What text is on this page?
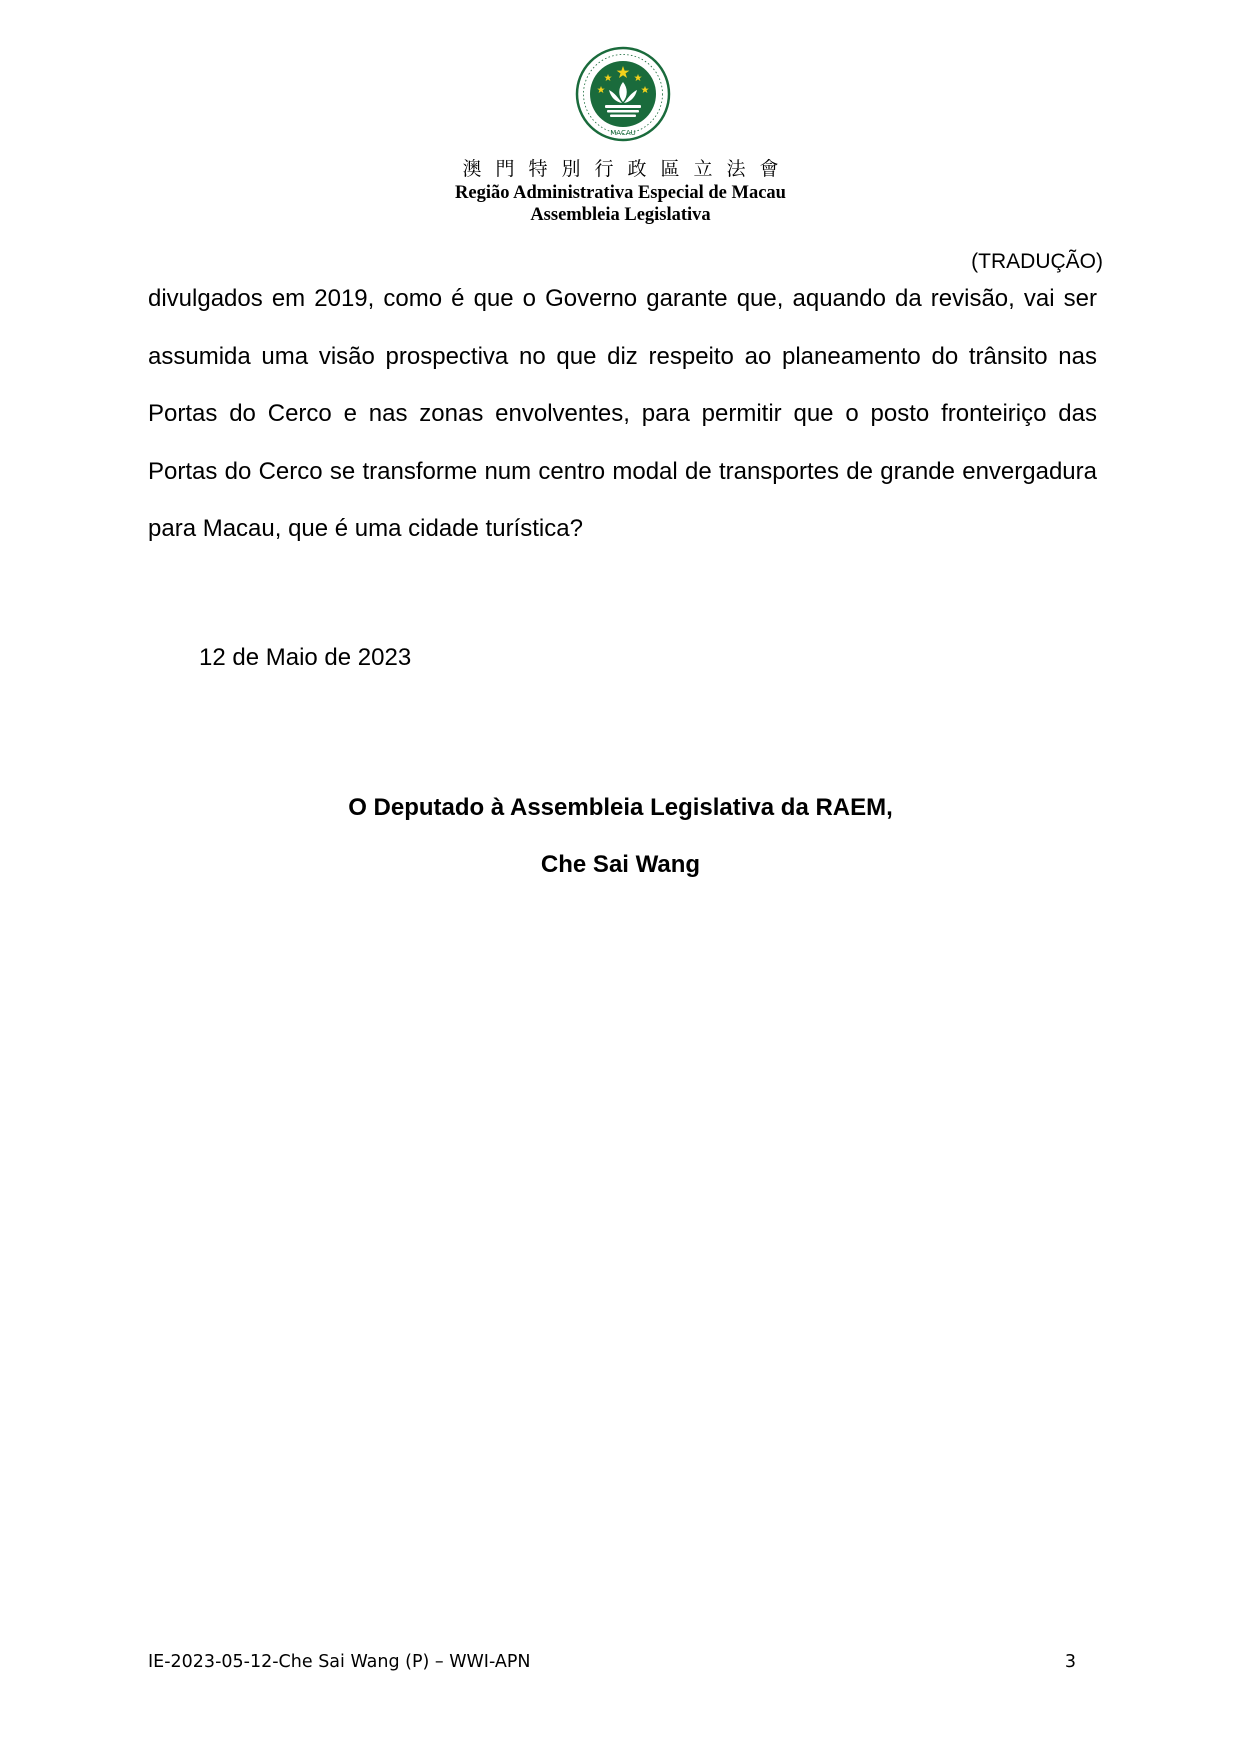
MACAU
澳門特別行政區立法會
Região Administrativa Especial de Macau
Assembleia Legislativa
(TRADUÇÃO)

divulgados em 2019, como é que o Governo garante que, aquando da revisão, vai ser assumida uma visão prospectiva no que diz respeito ao planeamento do trânsito nas Portas do Cerco e nas zonas envolventes, para permitir que o posto fronteiriço das Portas do Cerco se transforme num centro modal de transportes de grande envergadura para Macau, que é uma cidade turística?

12 de Maio de 2023
O Deputado à Assembleia Legislativa da RAEM,
Che Sai Wang
IE-2023-05-12-Che Sai Wang (P) – WWI-APN	3
